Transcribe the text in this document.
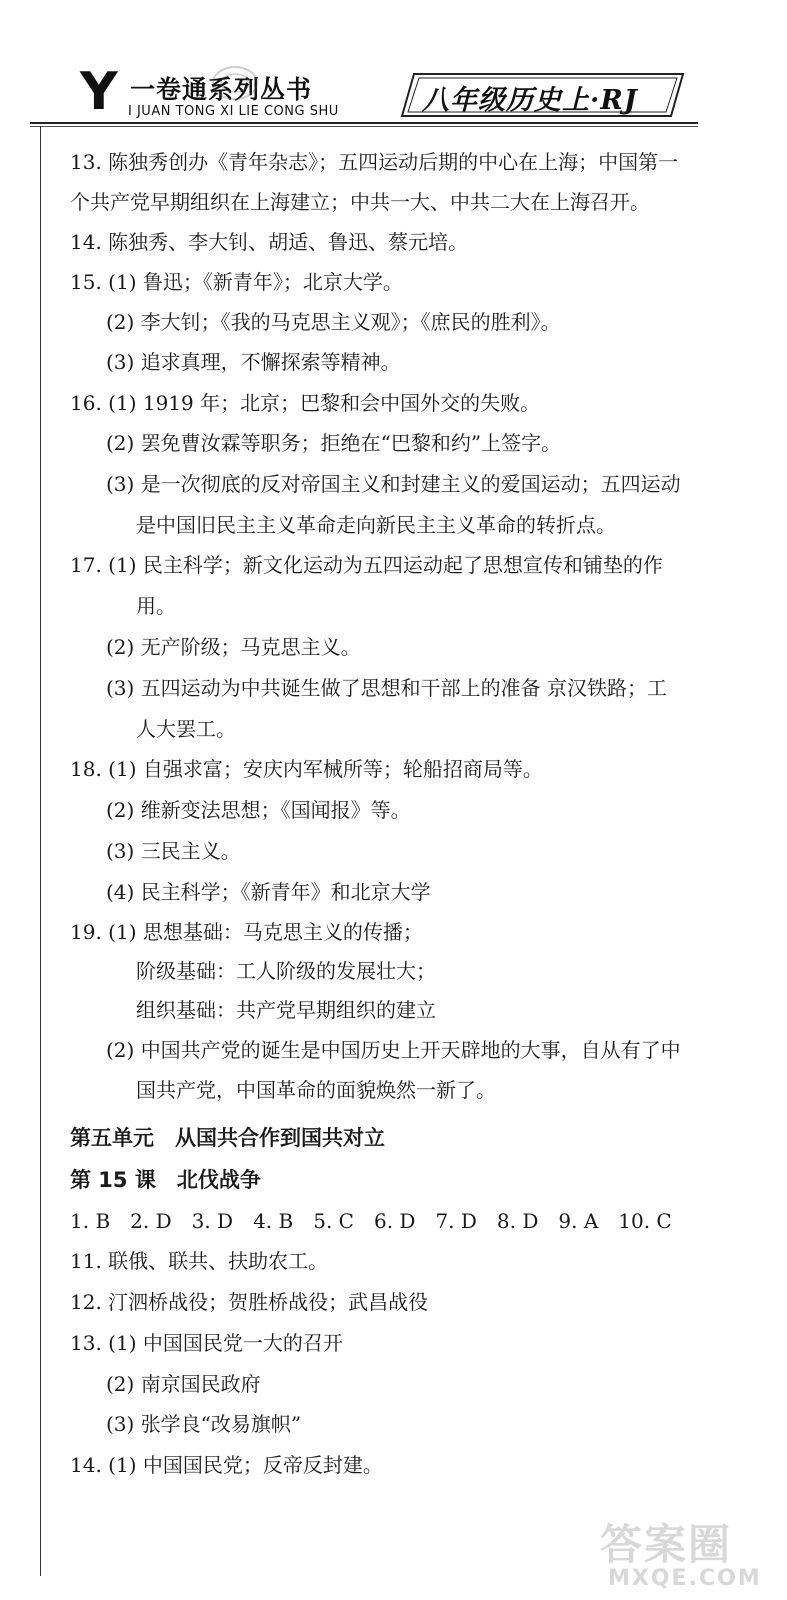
Y 一卷通系列丛书
I JUAN TONG XI LIE CONG SHU	八年级历史上·RJ
13. 陈独秀创办《青年杂志》；五四运动后期的中心在上海；中国第一
个共产党早期组织在上海建立；中共一大、中共二大在上海召开。
14. 陈独秀、李大钊、胡适、鲁迅、蔡元培。
15. (1) 鲁迅；《新青年》；北京大学。
(2) 李大钊；《我的马克思主义观》；《庶民的胜利》。
(3) 追求真理，不懈探索等精神。
16. (1) 1919 年；北京；巴黎和会中国外交的失败。
(2) 罢免曹汝霖等职务；拒绝在“巴黎和约”上签字。
(3) 是一次彻底的反对帝国主义和封建主义的爱国运动；五四运动
是中国旧民主主义革命走向新民主主义革命的转折点。
17. (1) 民主科学；新文化运动为五四运动起了思想宣传和铺垫的作
用。
(2) 无产阶级；马克思主义。
(3) 五四运动为中共诞生做了思想和干部上的准备 京汉铁路；工
人大罢工。
18. (1) 自强求富；安庆内军械所等；轮船招商局等。
(2) 维新变法思想；《国闻报》等。
(3) 三民主义。
(4) 民主科学；《新青年》和北京大学
19. (1) 思想基础：马克思主义的传播；
阶级基础：工人阶级的发展壮大；
组织基础：共产党早期组织的建立
(2) 中国共产党的诞生是中国历史上开天辟地的大事，自从有了中
国共产党，中国革命的面貌焕然一新了。
第五单元　从国共合作到国共对立
第 15 课　北伐战争
1. B　2. D　3. D　4. B　5. C　6. D　7. D　8. D　9. A　10. C
11. 联俄、联共、扶助农工。
12. 汀泗桥战役；贺胜桥战役；武昌战役
13. (1) 中国国民党一大的召开
(2) 南京国民政府
(3) 张学良“改易旗帜”
14. (1) 中国国民党；反帝反封建。
答案圈
MXQE.COM
